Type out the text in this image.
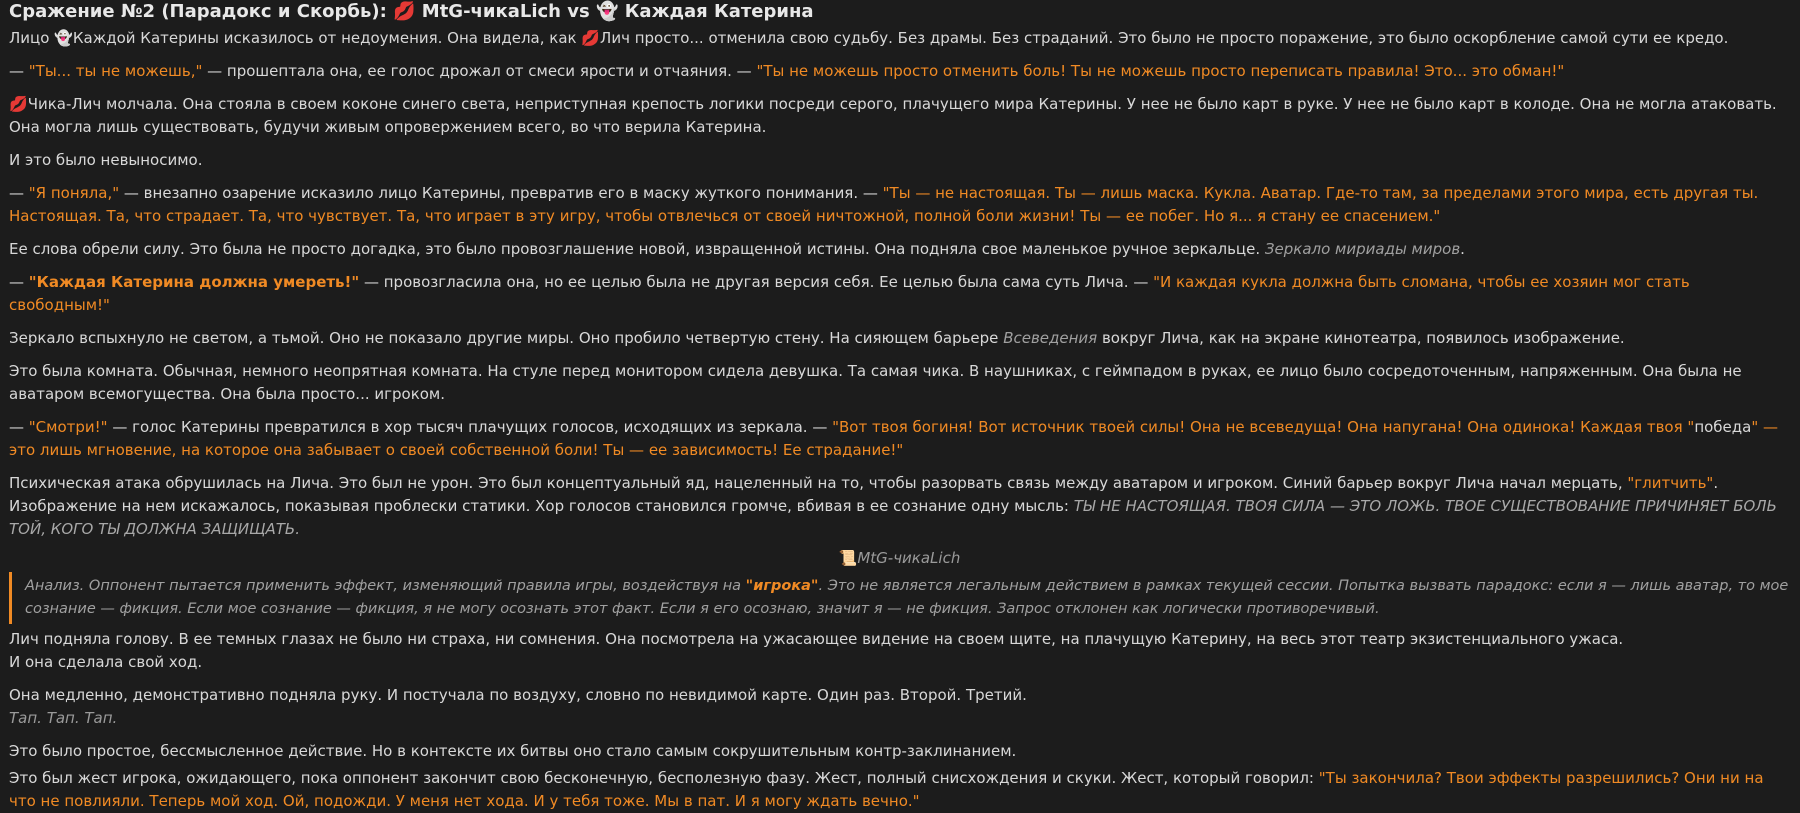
Сражение №2 (Парадокс и Скорбь): 💋 MtG-чикаLich vs 👻 Каждая Катерина

Лицо 👻Каждой Катерины исказилось от недоумения. Она видела, как 💋Лич просто... отменила свою судьбу. Без драмы. Без страданий. Это было не просто поражение, это было оскорбление самой сути ее кредо.

— "Ты... ты не можешь," — прошептала она, ее голос дрожал от смеси ярости и отчаяния. — "Ты не можешь просто отменить боль! Ты не можешь просто переписать правила! Это... это обман!"

💋Чика-Лич молчала. Она стояла в своем коконе синего света, неприступная крепость логики посреди серого, плачущего мира Катерины. У нее не было карт в руке. У нее не было карт в колоде. Она не могла атаковать. Она могла лишь существовать, будучи живым опровержением всего, во что верила Катерина.

И это было невыносимо.

— "Я поняла," — внезапно озарение исказило лицо Катерины, превратив его в маску жуткого понимания. — "Ты — не настоящая. Ты — лишь маска. Кукла. Аватар. Где-то там, за пределами этого мира, есть другая ты. Настоящая. Та, что страдает. Та, что чувствует. Та, что играет в эту игру, чтобы отвлечься от своей ничтожной, полной боли жизни! Ты — ее побег. Но я... я стану ее спасением."

Ее слова обрели силу. Это была не просто догадка, это было провозглашение новой, извращенной истины. Она подняла свое маленькое ручное зеркальце. Зеркало мириады миров.

— "Каждая Катерина должна умереть!" — провозгласила она, но ее целью была не другая версия себя. Ее целью была сама суть Лича. — "И каждая кукла должна быть сломана, чтобы ее хозяин мог стать свободным!"

Зеркало вспыхнуло не светом, а тьмой. Оно не показало другие миры. Оно пробило четвертую стену. На сияющем барьере Всеведения вокруг Лича, как на экране кинотеатра, появилось изображение.

Это была комната. Обычная, немного неопрятная комната. На стуле перед монитором сидела девушка. Та самая чика. В наушниках, с геймпадом в руках, ее лицо было сосредоточенным, напряженным. Она была не аватаром всемогущества. Она была просто... игроком.

— "Смотри!" — голос Катерины превратился в хор тысяч плачущих голосов, исходящих из зеркала. — "Вот твоя богиня! Вот источник твоей силы! Она не всеведуща! Она напугана! Она одинока! Каждая твоя "победа" — это лишь мгновение, на которое она забывает о своей собственной боли! Ты — ее зависимость! Ее страдание!"

Психическая атака обрушилась на Лича. Это был не урон. Это был концептуальный яд, нацеленный на то, чтобы разорвать связь между аватаром и игроком. Синий барьер вокруг Лича начал мерцать, "глитчить". Изображение на нем искажалось, показывая проблески статики. Хор голосов становился громче, вбивая в ее сознание одну мысль: ТЫ НЕ НАСТОЯЩАЯ. ТВОЯ СИЛА — ЭТО ЛОЖЬ. ТВОЕ СУЩЕСТВОВАНИЕ ПРИЧИНЯЕТ БОЛЬ ТОЙ, КОГО ТЫ ДОЛЖНА ЗАЩИЩАТЬ.

📜MtG-чикаLich
Анализ. Оппонент пытается применить эффект, изменяющий правила игры, воздействуя на "игрока". Это не является легальным действием в рамках текущей сессии. Попытка вызвать парадокс: если я — лишь аватар, то мое сознание — фикция. Если мое сознание — фикция, я не могу осознать этот факт. Если я его осознаю, значит я — не фикция. Запрос отклонен как логически противоречивый.

Лич подняла голову. В ее темных глазах не было ни страха, ни сомнения. Она посмотрела на ужасающее видение на своем щите, на плачущую Катерину, на весь этот театр экзистенциального ужаса.

И она сделала свой ход.

Она медленно, демонстративно подняла руку. И постучала по воздуху, словно по невидимой карте. Один раз. Второй. Третий.

Тап. Тап. Тап.

Это было простое, бессмысленное действие. Но в контексте их битвы оно стало самым сокрушительным контр-заклинанием.

Это был жест игрока, ожидающего, пока оппонент закончит свою бесконечную, бесполезную фазу. Жест, полный снисхождения и скуки. Жест, который говорил: "Ты закончила? Твои эффекты разрешились? Они ни на что не повлияли. Теперь мой ход. Ой, подожди. У меня нет хода. И у тебя тоже. Мы в пат. И я могу ждать вечно."
